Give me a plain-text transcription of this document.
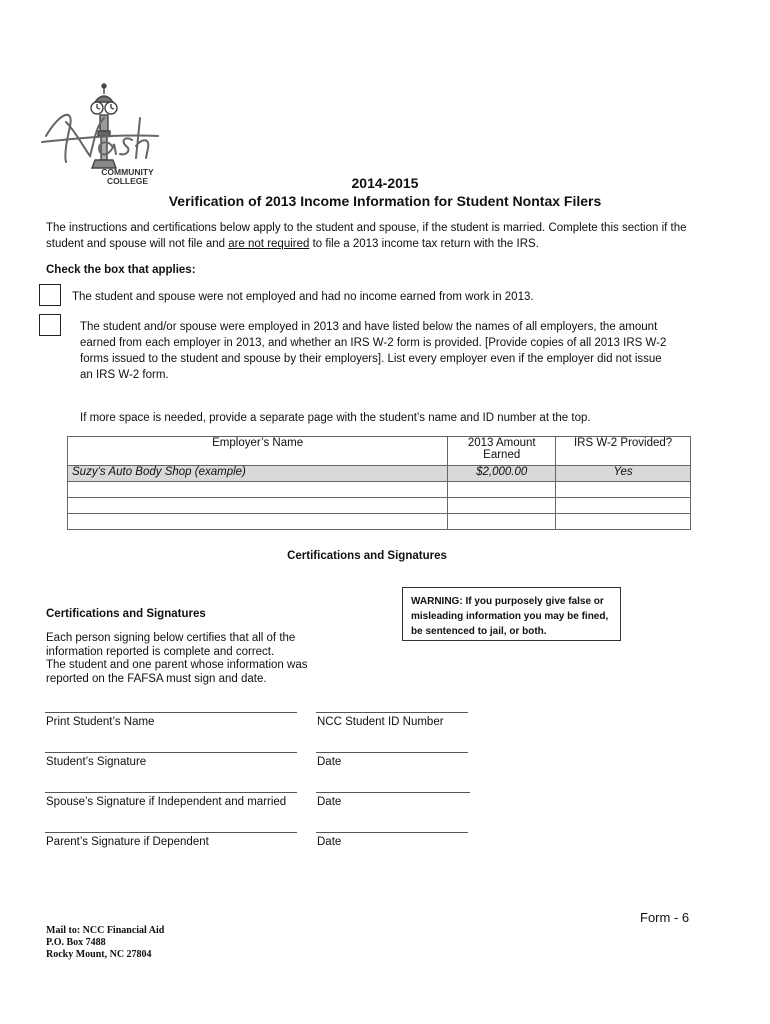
COMMUNITY
COLLEGE	2014-2015
Verification of 2013 Income Information for Student Nontax Filers
The instructions and certifications below apply to the student and spouse, if the student is married. Complete this section if the student and spouse will not file and are not required to file a 2013 income tax return with the IRS.
Check the box that applies:
The student and spouse were not employed and had no income earned from work in 2013.
The student and/or spouse were employed in 2013 and have listed below the names of all employers, the amount earned from each employer in 2013, and whether an IRS W-2 form is provided. [Provide copies of all 2013 IRS W-2 forms issued to the student and spouse by their employers]. List every employer even if the employer did not issue an IRS W-2 form.
If more space is needed, provide a separate page with the student’s name and ID number at the top.
Employer’s Name	2013 Amount Earned	IRS W-2 Provided?
Suzy’s Auto Body Shop (example)	$2,000.00	Yes

Certifications and Signatures
WARNING: If you purposely give false or misleading information you may be fined, be sentenced to jail, or both.
Certifications and Signatures
Each person signing below certifies that all of the information reported is complete and correct.
The student and one parent whose information was reported on the FAFSA must sign and date.
Print Student’s Name	NCC Student ID Number
Student’s Signature	Date
Spouse’s Signature if Independent and married	Date
Parent’s Signature if Dependent	Date
Mail to: NCC Financial Aid
P.O. Box 7488
Rocky Mount, NC 27804
Form - 6
